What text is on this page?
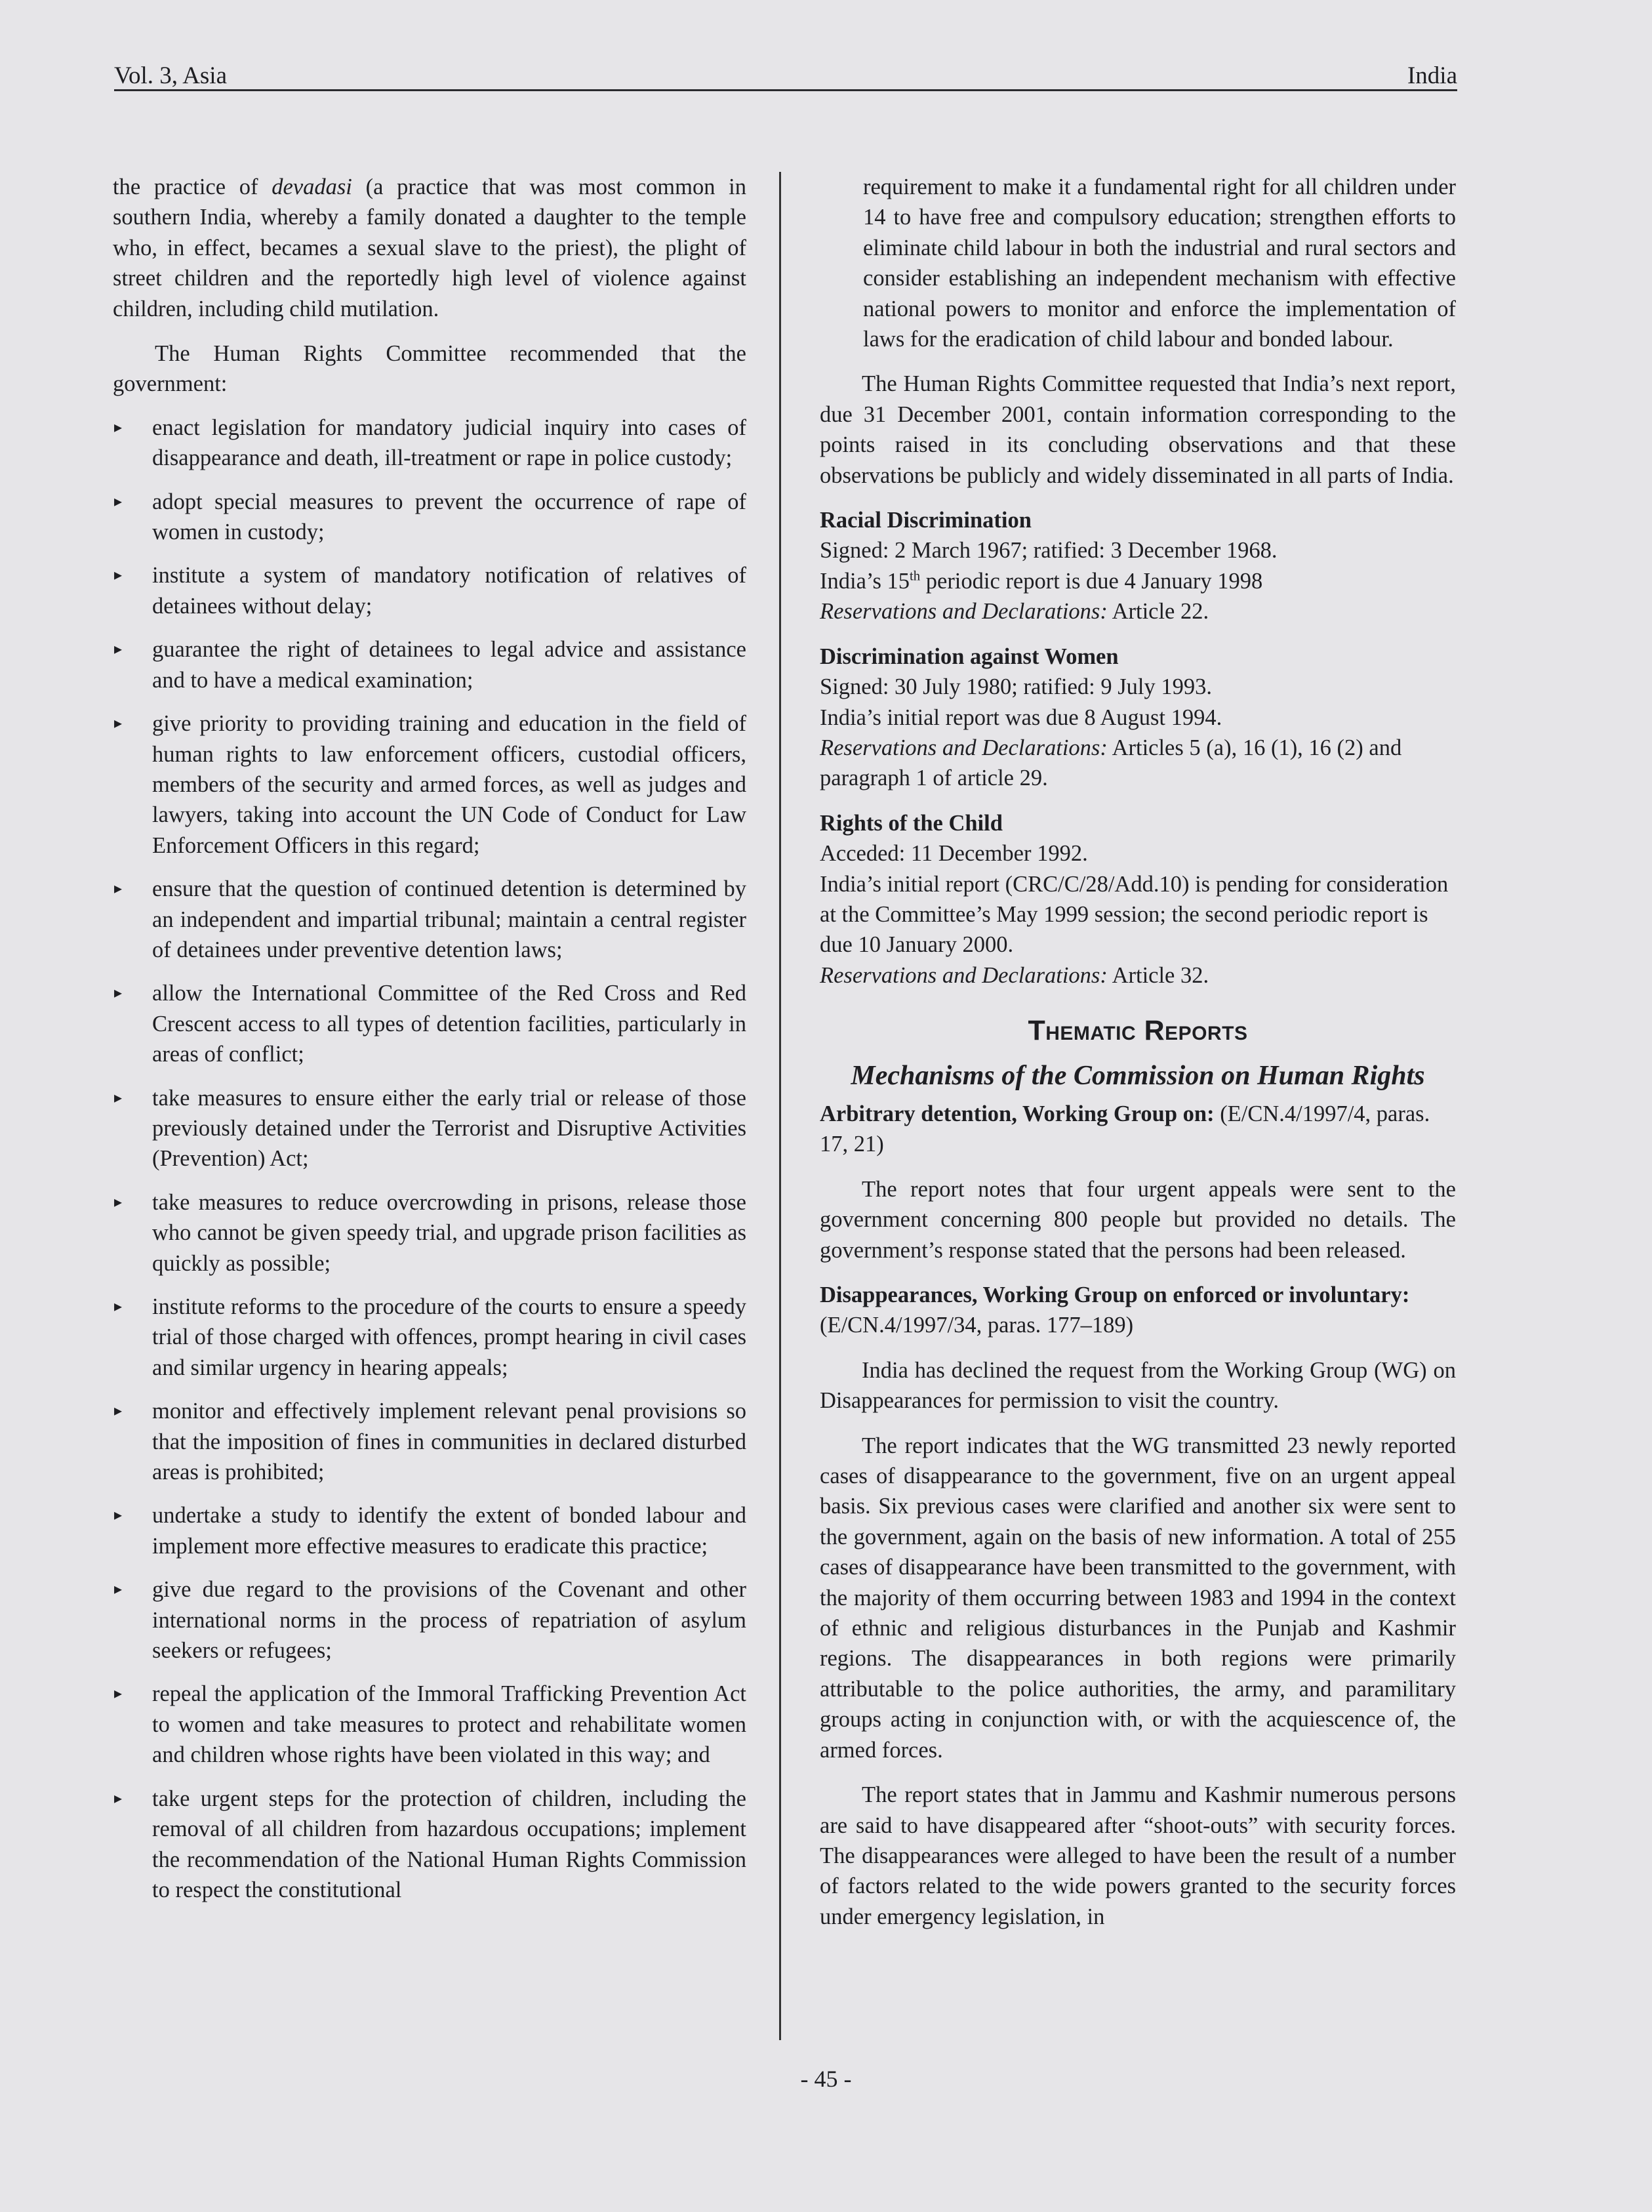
Vol. 3, Asia	India

the practice of devadasi (a practice that was most common in southern India, whereby a family donated a daughter to the temple who, in effect, becames a sexual slave to the priest), the plight of street children and the reportedly high level of violence against children, including child mutilation.

The Human Rights Committee recommended that the government:

▸ enact legislation for mandatory judicial inquiry into cases of disappearance and death, ill-treatment or rape in police custody;
▸ adopt special measures to prevent the occurrence of rape of women in custody;
▸ institute a system of mandatory notification of relatives of detainees without delay;
▸ guarantee the right of detainees to legal advice and assistance and to have a medical examination;
▸ give priority to providing training and education in the field of human rights to law enforcement officers, custodial officers, members of the security and armed forces, as well as judges and lawyers, taking into account the UN Code of Conduct for Law Enforcement Officers in this regard;
▸ ensure that the question of continued detention is determined by an independent and impartial tribunal; maintain a central register of detainees under preventive detention laws;
▸ allow the International Committee of the Red Cross and Red Crescent access to all types of detention facilities, particularly in areas of conflict;
▸ take measures to ensure either the early trial or release of those previously detained under the Terrorist and Disruptive Activities (Prevention) Act;
▸ take measures to reduce overcrowding in prisons, release those who cannot be given speedy trial, and upgrade prison facilities as quickly as possible;
▸ institute reforms to the procedure of the courts to ensure a speedy trial of those charged with offences, prompt hearing in civil cases and similar urgency in hearing appeals;
▸ monitor and effectively implement relevant penal provisions so that the imposition of fines in communities in declared disturbed areas is prohibited;
▸ undertake a study to identify the extent of bonded labour and implement more effective measures to eradicate this practice;
▸ give due regard to the provisions of the Covenant and other international norms in the process of repatriation of asylum seekers or refugees;
▸ repeal the application of the Immoral Trafficking Prevention Act to women and take measures to protect and rehabilitate women and children whose rights have been violated in this way; and
▸ take urgent steps for the protection of children, including the removal of all children from hazardous occupations; implement the recommendation of the National Human Rights Commission to respect the constitutional

requirement to make it a fundamental right for all children under 14 to have free and compulsory education; strengthen efforts to eliminate child labour in both the industrial and rural sectors and consider establishing an independent mechanism with effective national powers to monitor and enforce the implementation of laws for the eradication of child labour and bonded labour.

The Human Rights Committee requested that India’s next report, due 31 December 2001, contain information corresponding to the points raised in its concluding observations and that these observations be publicly and widely disseminated in all parts of India.

Racial Discrimination
Signed: 2 March 1967; ratified: 3 December 1968.
India’s 15th periodic report is due 4 January 1998
Reservations and Declarations: Article 22.
Discrimination against Women
Signed: 30 July 1980; ratified: 9 July 1993.
India’s initial report was due 8 August 1994.
Reservations and Declarations: Articles 5 (a), 16 (1), 16 (2) and paragraph 1 of article 29.
Rights of the Child
Acceded: 11 December 1992.
India’s initial report (CRC/C/28/Add.10) is pending for consideration at the Committee’s May 1999 session; the second periodic report is due 10 January 2000.
Reservations and Declarations: Article 32.
Thematic Reports
Mechanisms of the Commission on Human Rights

Arbitrary detention, Working Group on: (E/CN.4/1997/4, paras. 17, 21)

The report notes that four urgent appeals were sent to the government concerning 800 people but provided no details. The government’s response stated that the persons had been released.

Disappearances, Working Group on enforced or involuntary: (E/CN.4/1997/34, paras. 177–189)

India has declined the request from the Working Group (WG) on Disappearances for permission to visit the country.

The report indicates that the WG transmitted 23 newly reported cases of disappearance to the government, five on an urgent appeal basis. Six previous cases were clarified and another six were sent to the government, again on the basis of new information. A total of 255 cases of disappearance have been transmitted to the government, with the majority of them occurring between 1983 and 1994 in the context of ethnic and religious disturbances in the Punjab and Kashmir regions. The disappearances in both regions were primarily attributable to the police authorities, the army, and paramilitary groups acting in conjunction with, or with the acquiescence of, the armed forces.

The report states that in Jammu and Kashmir numerous persons are said to have disappeared after “shoot-outs” with security forces. The disappearances were alleged to have been the result of a number of factors related to the wide powers granted to the security forces under emergency legislation, in

- 45 -
